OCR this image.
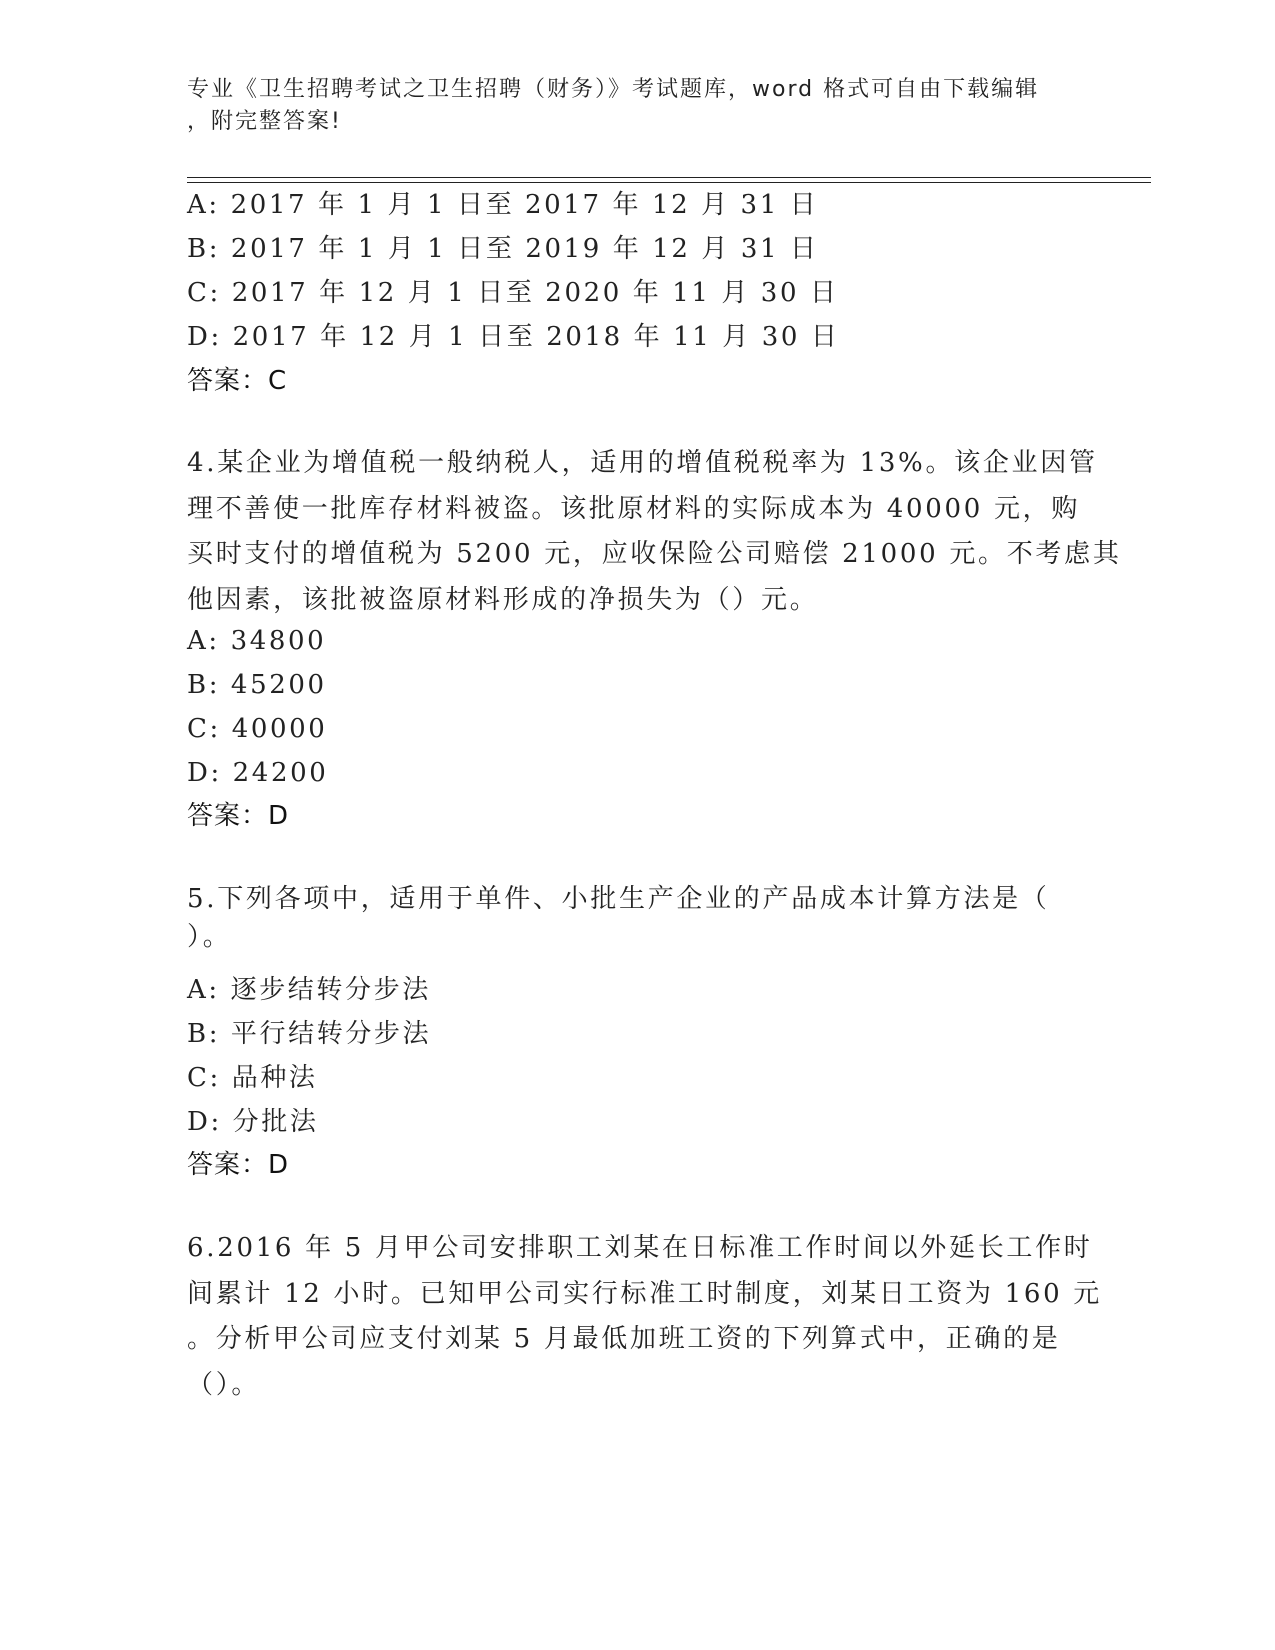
专业《卫生招聘考试之卫生招聘（财务）》考试题库，word 格式可自由下载编辑
，附完整答案!
A: 2017 年 1 月 1 日至 2017 年 12 月 31 日
B: 2017 年 1 月 1 日至 2019 年 12 月 31 日
C: 2017 年 12 月 1 日至 2020 年 11 月 30 日
D: 2017 年 12 月 1 日至 2018 年 11 月 30 日
答案：C
4.某企业为增值税一般纳税人，适用的增值税税率为 13%。该企业因管
理不善使一批库存材料被盗。该批原材料的实际成本为 40000 元，购
买时支付的增值税为 5200 元，应收保险公司赔偿 21000 元。不考虑其
他因素，该批被盗原材料形成的净损失为（）元。
A: 34800
B: 45200
C: 40000
D: 24200
答案：D
5.下列各项中，适用于单件、小批生产企业的产品成本计算方法是（
）。
A: 逐步结转分步法
B: 平行结转分步法
C: 品种法
D: 分批法
答案：D
6.2016 年 5 月甲公司安排职工刘某在日标准工作时间以外延长工作时
间累计 12 小时。已知甲公司实行标准工时制度，刘某日工资为 160 元
。分析甲公司应支付刘某 5 月最低加班工资的下列算式中，正确的是
（）。
